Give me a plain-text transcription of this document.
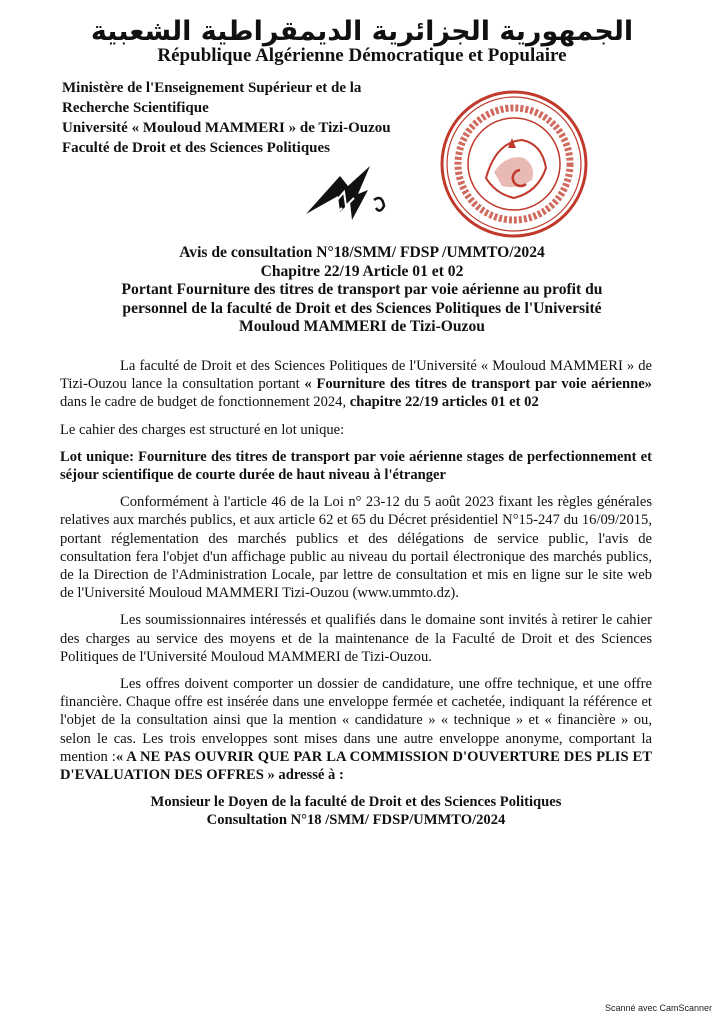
الجمهورية الجزائرية الديمقراطية الشعبية
République Algérienne Démocratique et Populaire
Ministère de l'Enseignement Supérieur et de la
Recherche Scientifique
Université « Mouloud MAMMERI » de Tizi-Ouzou
Faculté de Droit et des Sciences Politiques
Avis de consultation N°18/SMM/ FDSP /UMMTO/2024
Chapitre 22/19 Article 01 et 02
Portant Fourniture des titres de transport par voie aérienne au profit du
personnel de la faculté de Droit et des Sciences Politiques de l'Université
Mouloud MAMMERI de Tizi-Ouzou

La faculté de Droit et des Sciences Politiques de l'Université « Mouloud MAMMERI » de Tizi-Ouzou lance la consultation portant « Fourniture des titres de transport par voie aérienne» dans le cadre de budget de fonctionnement 2024, chapitre 22/19 articles 01 et 02

Le cahier des charges est structuré en lot unique:

Lot unique: Fourniture des titres de transport par voie aérienne stages de perfectionnement et séjour scientifique de courte durée de haut niveau à l'étranger

Conformément à l'article 46 de la Loi n° 23-12 du 5 août 2023 fixant les règles générales relatives aux marchés publics, et aux article 62 et 65 du Décret présidentiel N°15-247 du 16/09/2015, portant réglementation des marchés publics et des délégations de service public, l'avis de consultation fera l'objet d'un affichage public au niveau du portail électronique des marchés publics, de la Direction de l'Administration Locale, par lettre de consultation et mis en ligne sur le site web de l'Université Mouloud MAMMERI Tizi-Ouzou (www.ummto.dz).

Les soumissionnaires intéressés et qualifiés dans le domaine sont invités à retirer le cahier des charges au service des moyens et de la maintenance de la Faculté de Droit et des Sciences Politiques de l'Université Mouloud MAMMERI de Tizi-Ouzou.

Les offres doivent comporter un dossier de candidature, une offre technique, et une offre financière. Chaque offre est insérée dans une enveloppe fermée et cachetée, indiquant la référence et l'objet de la consultation ainsi que la mention « candidature » « technique » et « financière » ou, selon le cas. Les trois enveloppes sont mises dans une autre enveloppe anonyme, comportant la mention :« A NE PAS OUVRIR QUE PAR LA COMMISSION D'OUVERTURE DES PLIS ET D'EVALUATION DES OFFRES » adressé à :

Monsieur le Doyen de la faculté de Droit et des Sciences Politiques

Consultation N°18 /SMM/ FDSP/UMMTO/2024

Scanné avec CamScanner
